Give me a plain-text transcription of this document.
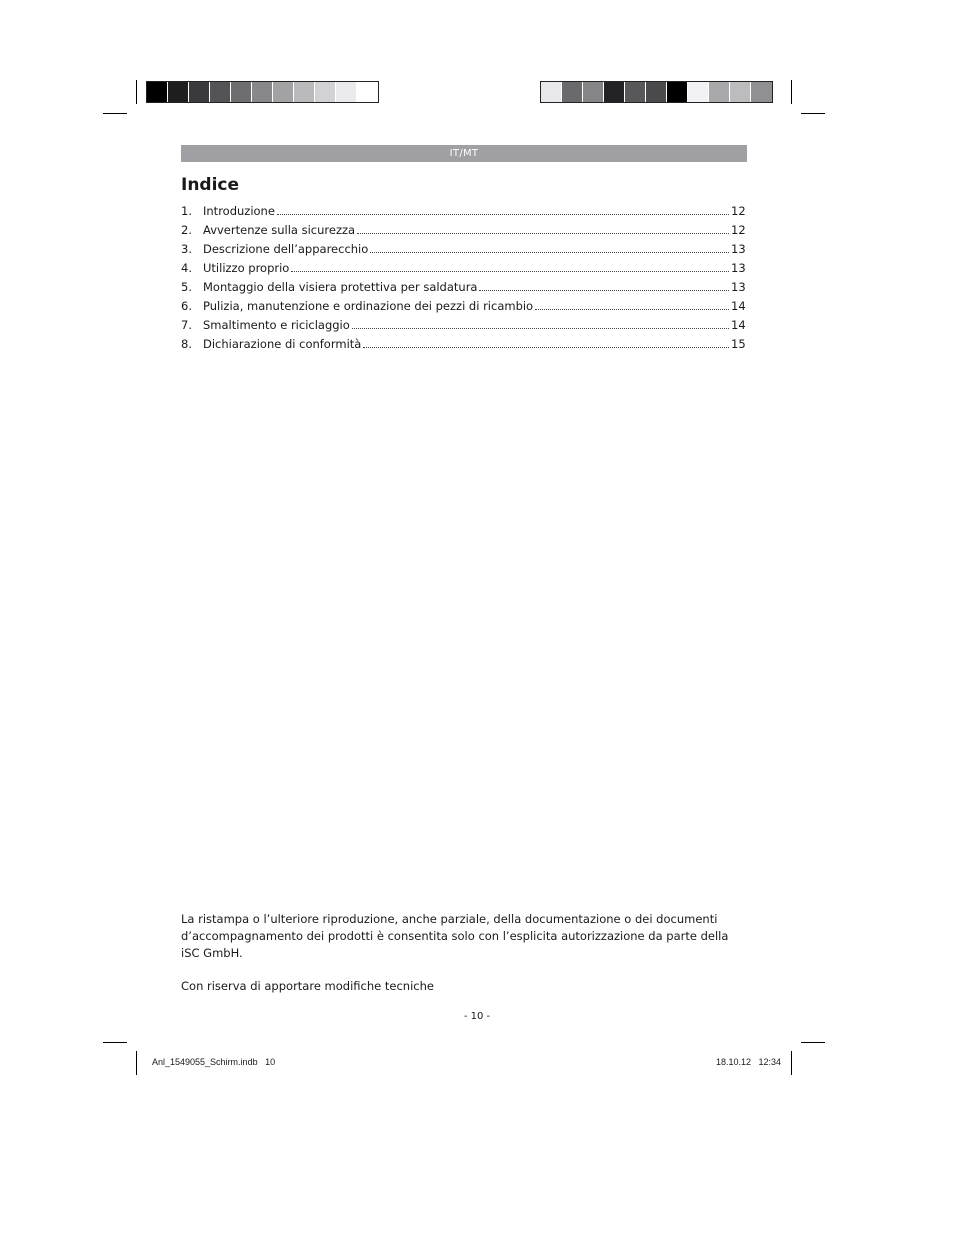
IT/MT
Indice
1. Introduzione	12
2. Avvertenze sulla sicurezza	12
3. Descrizione dell’apparecchio	13
4. Utilizzo proprio	13
5. Montaggio della visiera protettiva per saldatura	13
6. Pulizia, manutenzione e ordinazione dei pezzi di ricambio	14
7. Smaltimento e riciclaggio	14
8. Dichiarazione di conformità	15

La ristampa o l’ulteriore riproduzione, anche parziale, della documentazione o dei documenti d’accompagnamento dei prodotti è consentita solo con l’esplicita autorizzazione da parte della iSC GmbH.

Con riserva di apportare modifiche tecniche

- 10 -
Anl_1549055_Schirm.indb   10	18.10.12   12:34
